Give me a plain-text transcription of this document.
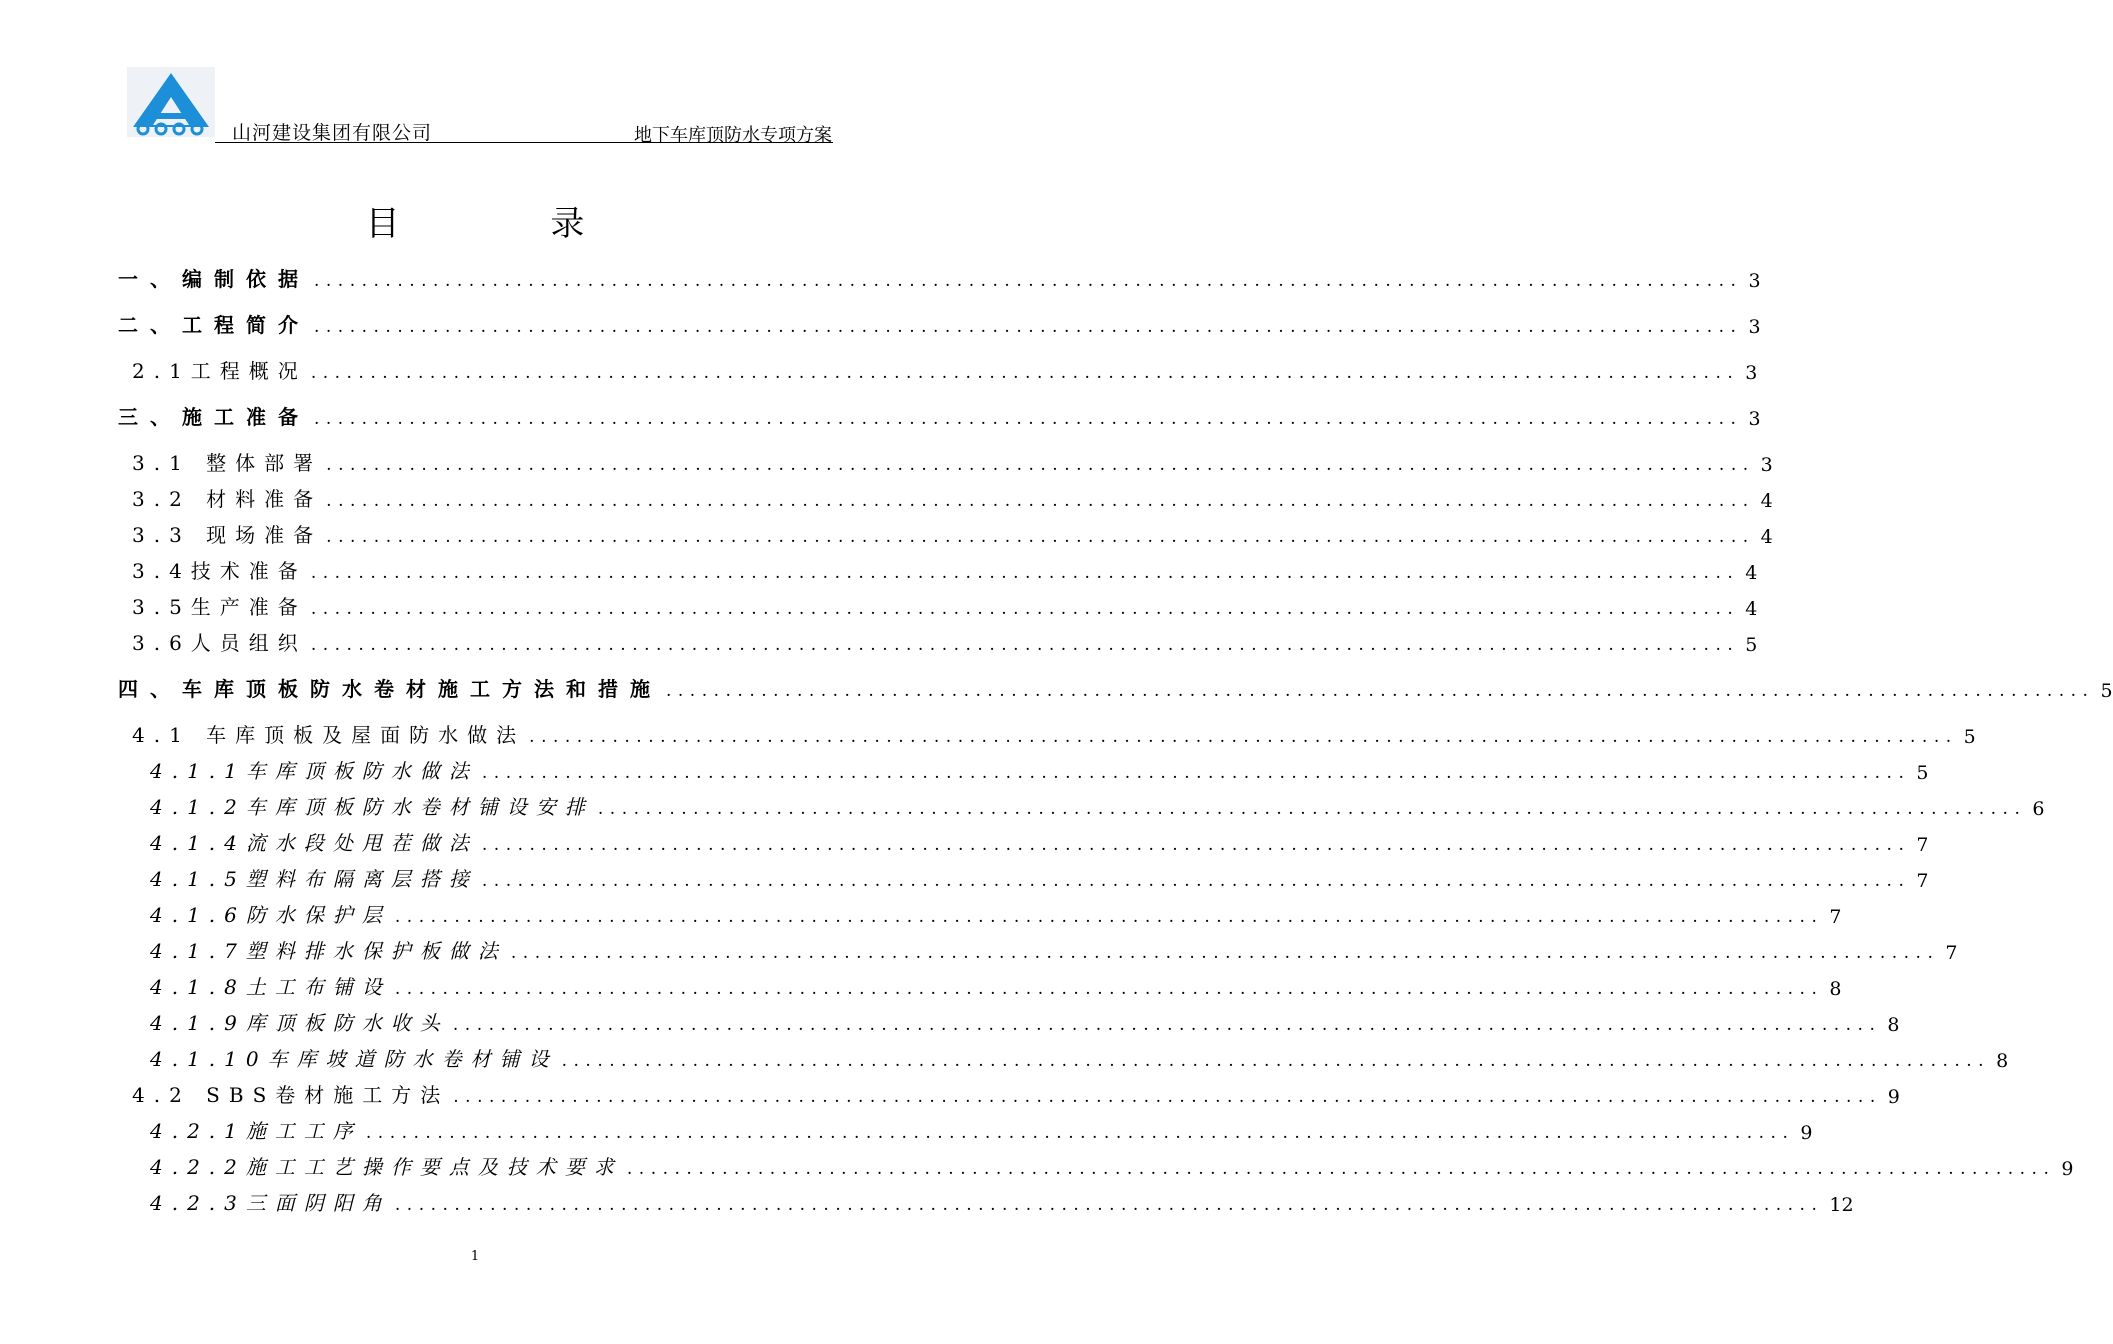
山河建设集团有限公司	地下车库顶防水专项方案
目 录
一、编制依据 ........................................................................................................................ 3
二、工程简介 ........................................................................................................................ 3
2.1工程概况 ........................................................................................................................ 3
三、施工准备 ........................................................................................................................ 3
3.1 整体部署 ........................................................................................................................ 3
3.2 材料准备 ........................................................................................................................ 4
3.3 现场准备 ........................................................................................................................ 4
3.4技术准备 ........................................................................................................................ 4
3.5生产准备 ........................................................................................................................ 4
3.6人员组织 ........................................................................................................................ 5
四、车库顶板防水卷材施工方法和措施 ........................................................................................................................ 5
4.1 车库顶板及屋面防水做法 ........................................................................................................................ 5
4.1.1车库顶板防水做法 ........................................................................................................................ 5
4.1.2车库顶板防水卷材铺设安排 ........................................................................................................................ 6
4.1.4流水段处甩茬做法 ........................................................................................................................ 7
4.1.5塑料布隔离层搭接 ........................................................................................................................ 7
4.1.6防水保护层 ........................................................................................................................ 7
4.1.7塑料排水保护板做法 ........................................................................................................................ 7
4.1.8土工布铺设 ........................................................................................................................ 8
4.1.9库顶板防水收头 ........................................................................................................................ 8
4.1.10车库坡道防水卷材铺设 ........................................................................................................................ 8
4.2 SBS卷材施工方法 ........................................................................................................................ 9
4.2.1施工工序 ........................................................................................................................ 9
4.2.2施工工艺操作要点及技术要求 ........................................................................................................................ 9
4.2.3三面阴阳角 ........................................................................................................................ 12
1
